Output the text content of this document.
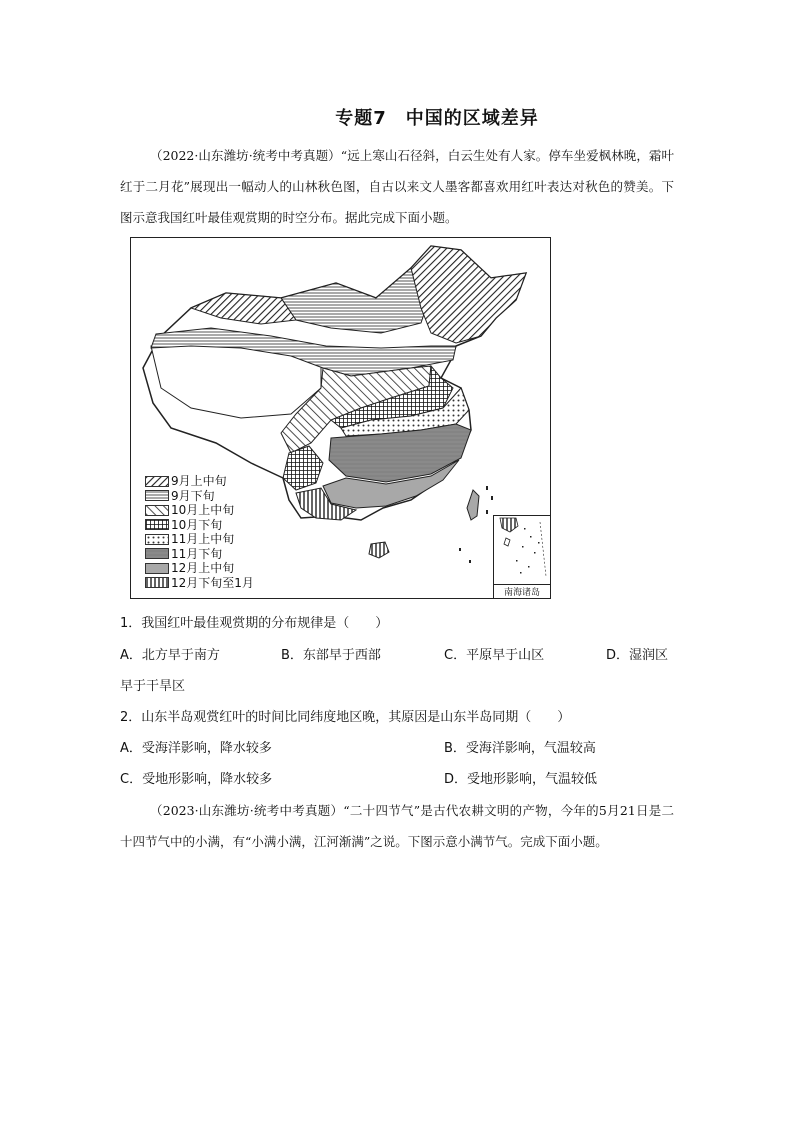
专题7　中国的区域差异
（2022·山东潍坊·统考中考真题）“远上寒山石径斜，白云生处有人家。停车坐爱枫林晚，霜叶红于二月花”展现出一幅动人的山林秋色图，自古以来文人墨客都喜欢用红叶表达对秋色的赞美。下图示意我国红叶最佳观赏期的时空分布。据此完成下面小题。
9月上中旬
9月下旬
10月上中旬
10月下旬
11月上中旬
11月下旬
12月上中旬
12月下旬至1月
南海诸岛
1．我国红叶最佳观赏期的分布规律是（　　）
A．北方早于南方	B．东部早于西部	C．平原早于山区	D．湿润区
早于干旱区
2．山东半岛观赏红叶的时间比同纬度地区晚，其原因是山东半岛同期（　　）
A．受海洋影响，降水较多	B．受海洋影响，气温较高
C．受地形影响，降水较多	D．受地形影响，气温较低
（2023·山东潍坊·统考中考真题）“二十四节气”是古代农耕文明的产物，今年的5月21日是二十四节气中的小满，有“小满小满，江河渐满”之说。下图示意小满节气。完成下面小题。
